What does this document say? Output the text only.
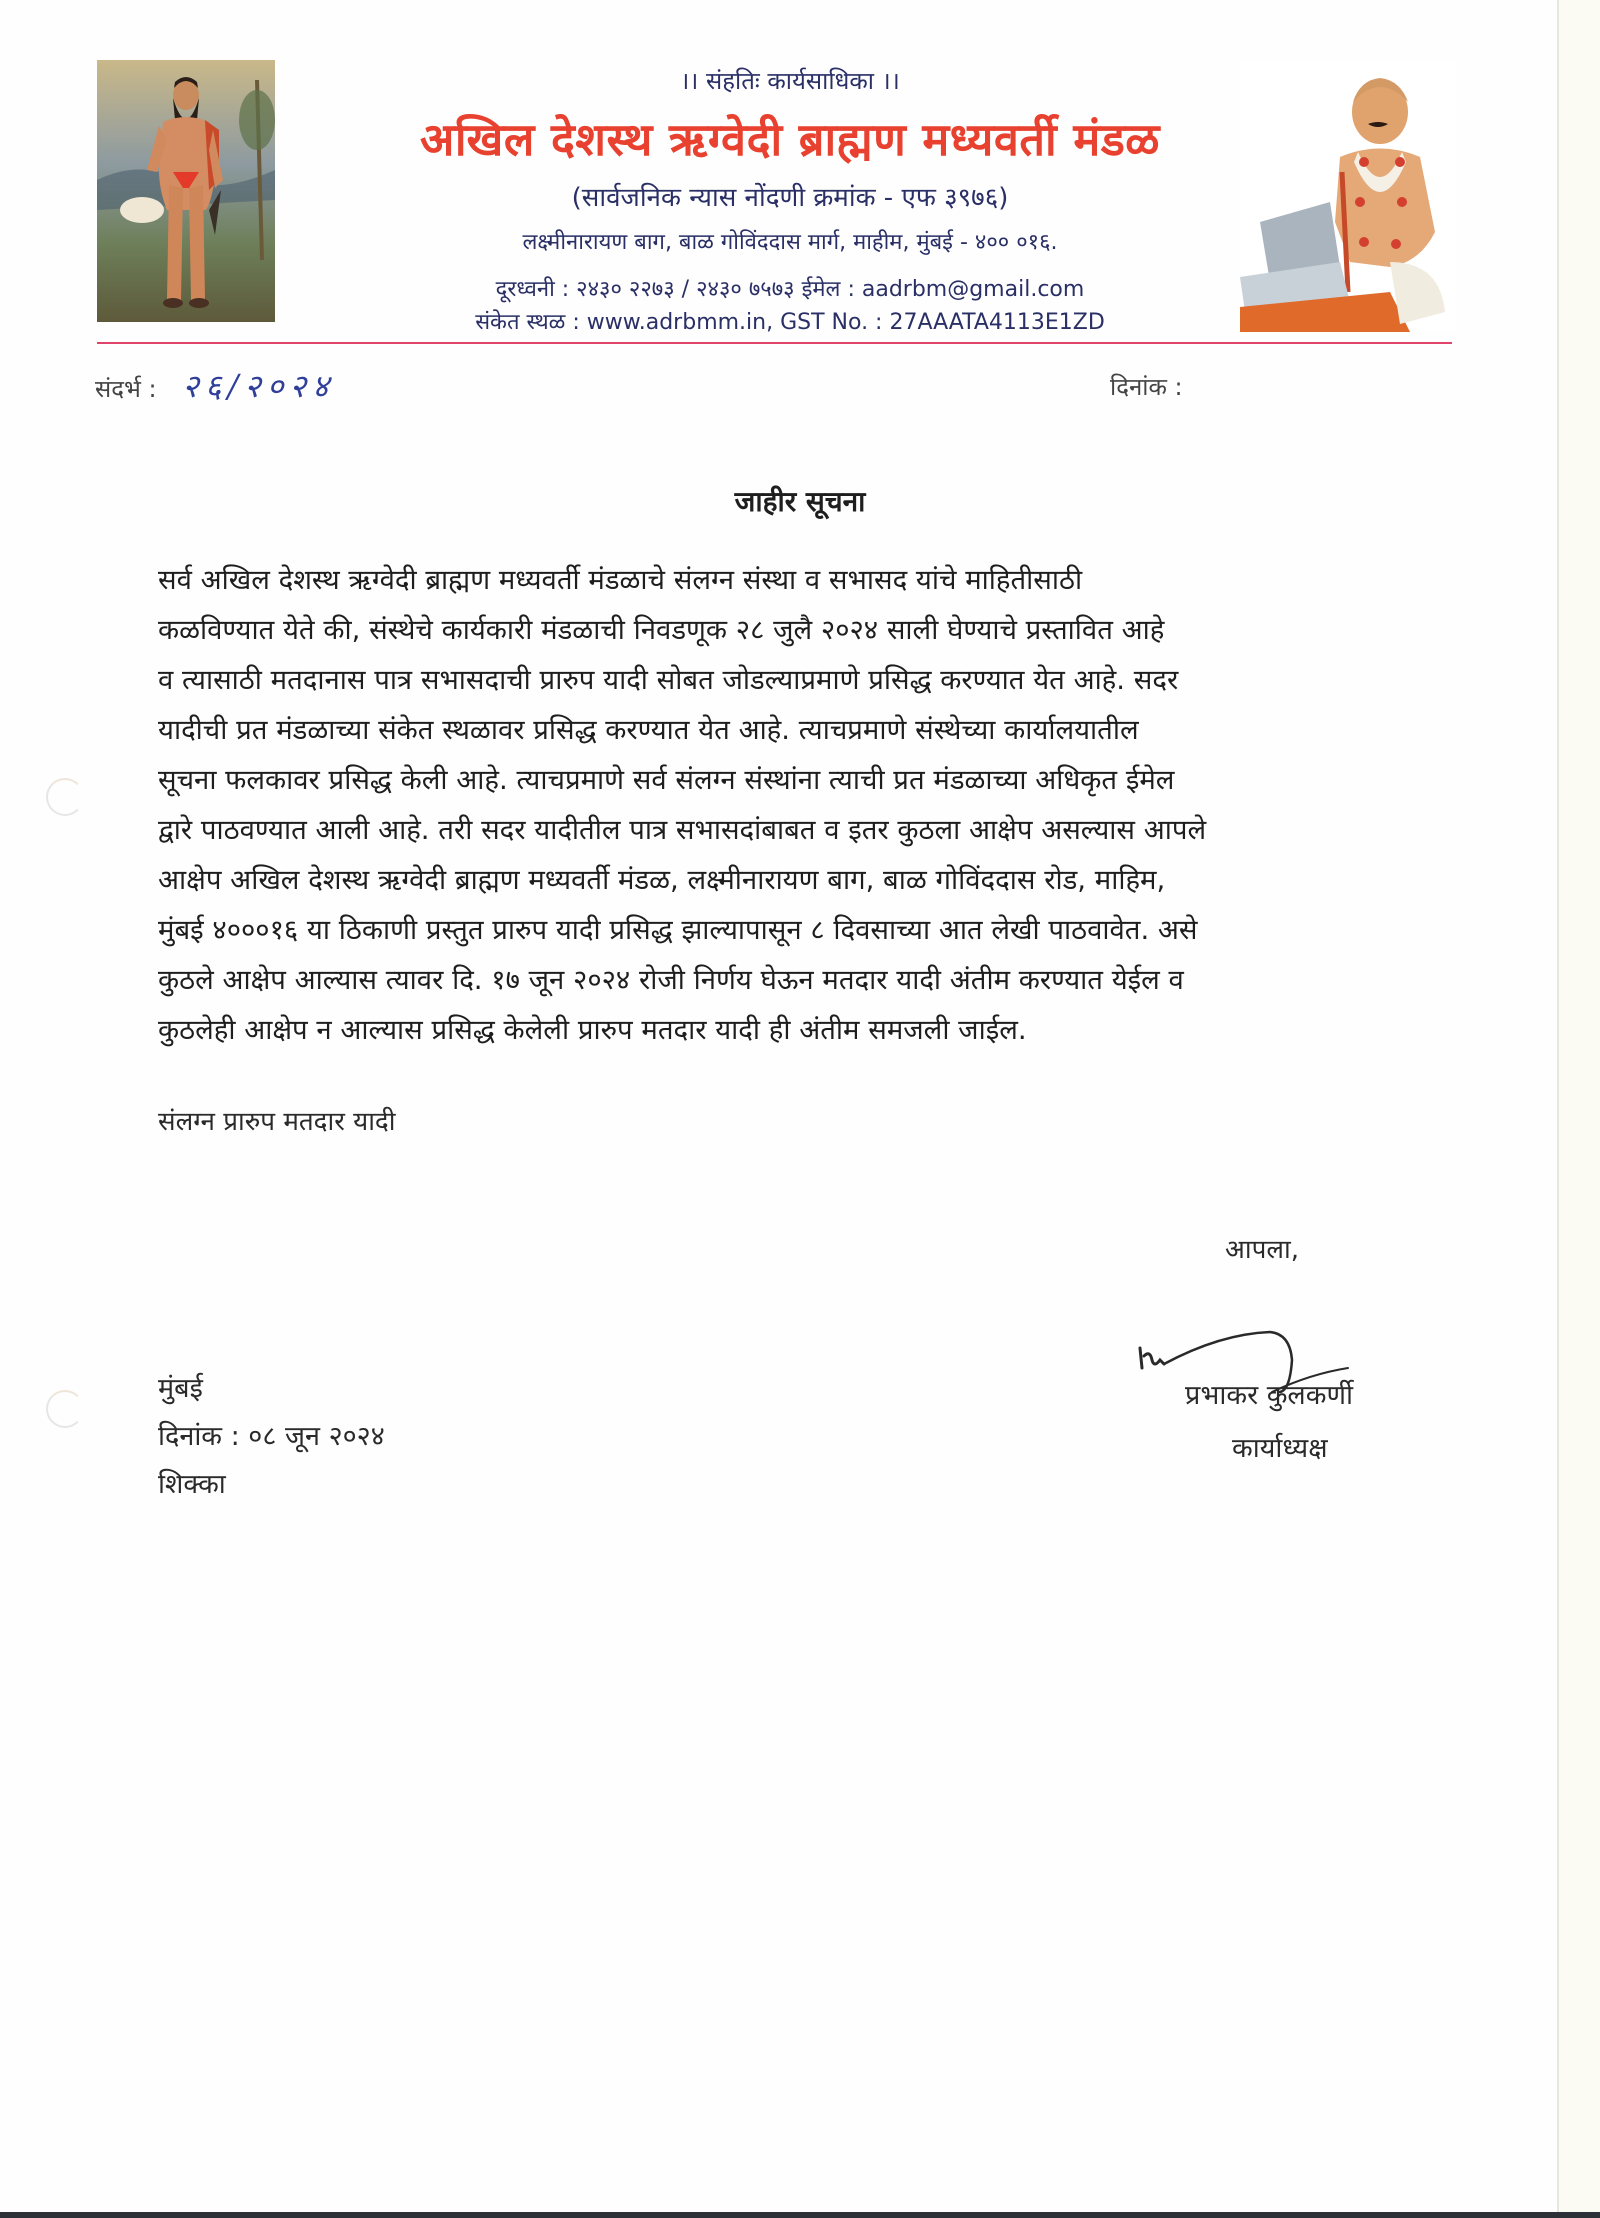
।। संहतिः कार्यसाधिका ।।
अखिल देशस्थ ऋग्वेदी ब्राह्मण मध्यवर्ती मंडळ
(सार्वजनिक न्यास नोंदणी क्रमांक - एफ ३९७६)
लक्ष्मीनारायण बाग, बाळ गोविंददास मार्ग, माहीम, मुंबई - ४०० ०१६.
दूरध्वनी : २४३० २२७३ / २४३० ७५७३ ईमेल : aadrbm@gmail.com
संकेत स्थळ : www.adrbmm.in, GST No. : 27AAATA4113E1ZD
संदर्भ : २६/२०२४	दिनांक :
जाहीर सूचना
सर्व अखिल देशस्थ ऋग्वेदी ब्राह्मण मध्यवर्ती मंडळाचे संलग्न संस्था व सभासद यांचे माहितीसाठी
कळविण्यात येते की, संस्थेचे कार्यकारी मंडळाची निवडणूक २८ जुलै २०२४ साली घेण्याचे प्रस्तावित आहे
व त्यासाठी मतदानास पात्र सभासदाची प्रारुप यादी सोबत जोडल्याप्रमाणे प्रसिद्ध करण्यात येत आहे. सदर
यादीची प्रत मंडळाच्या संकेत स्थळावर प्रसिद्ध करण्यात येत आहे. त्याचप्रमाणे संस्थेच्या कार्यालयातील
सूचना फलकावर प्रसिद्ध केली आहे. त्याचप्रमाणे सर्व संलग्न संस्थांना त्याची प्रत मंडळाच्या अधिकृत ईमेल
द्वारे पाठवण्यात आली आहे. तरी सदर यादीतील पात्र सभासदांबाबत व इतर कुठला आक्षेप असल्यास आपले
आक्षेप अखिल देशस्थ ऋग्वेदी ब्राह्मण मध्यवर्ती मंडळ, लक्ष्मीनारायण बाग, बाळ गोविंददास रोड, माहिम,
मुंबई ४०००१६ या ठिकाणी प्रस्तुत प्रारुप यादी प्रसिद्ध झाल्यापासून ८ दिवसाच्या आत लेखी पाठवावेत. असे
कुठले आक्षेप आल्यास त्यावर दि. १७ जून २०२४ रोजी निर्णय घेऊन मतदार यादी अंतीम करण्यात येईल व
कुठलेही आक्षेप न आल्यास प्रसिद्ध केलेली प्रारुप मतदार यादी ही अंतीम समजली जाईल.
संलग्न प्रारुप मतदार यादी
आपला,
प्रभाकर कुलकर्णी
कार्याध्यक्ष
मुंबई
दिनांक : ०८ जून २०२४
शिक्का
